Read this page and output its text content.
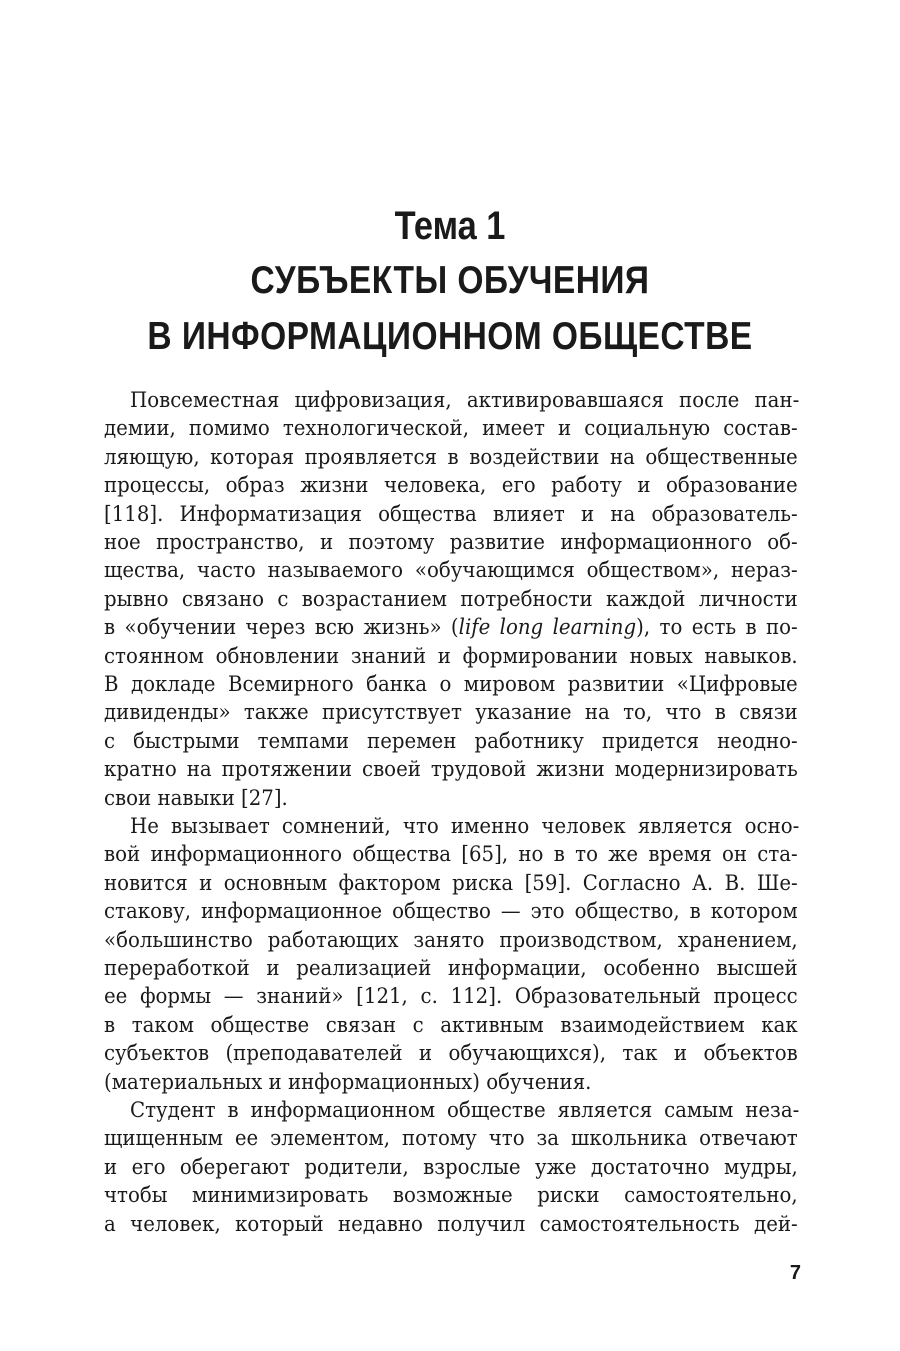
Тема 1
СУБЪЕКТЫ ОБУЧЕНИЯ
В ИНФОРМАЦИОННОМ ОБЩЕСТВЕ
Повсеместная цифровизация, активировавшаяся после пан-
демии, помимо технологической, имеет и социальную состав-
ляющую, которая проявляется в воздействии на общественные
процессы, образ жизни человека, его работу и образование
[118]. Информатизация общества влияет и на образователь-
ное пространство, и поэтому развитие информационного об-
щества, часто называемого «обучающимся обществом», нераз-
рывно связано с возрастанием потребности каждой личности
в «обучении через всю жизнь» (life long learning), то есть в по-
стоянном обновлении знаний и формировании новых навыков.
В докладе Всемирного банка о мировом развитии «Цифровые
дивиденды» также присутствует указание на то, что в связи
с быстрыми темпами перемен работнику придется неодно-
кратно на протяжении своей трудовой жизни модернизировать
свои навыки [27].
Не вызывает сомнений, что именно человек является осно-
вой информационного общества [65], но в то же время он ста-
новится и основным фактором риска [59]. Согласно А. В. Ше-
стакову, информационное общество — это общество, в котором
«большинство работающих занято производством, хранением,
переработкой и реализацией информации, особенно высшей
ее формы — знаний» [121, с. 112]. Образовательный процесс
в таком обществе связан с активным взаимодействием как
субъектов (преподавателей и обучающихся), так и объектов
(материальных и информационных) обучения.
Студент в информационном обществе является самым неза-
щищенным ее элементом, потому что за школьника отвечают
и его оберегают родители, взрослые уже достаточно мудры,
чтобы минимизировать возможные риски самостоятельно,
а человек, который недавно получил самостоятельность дей-
7
